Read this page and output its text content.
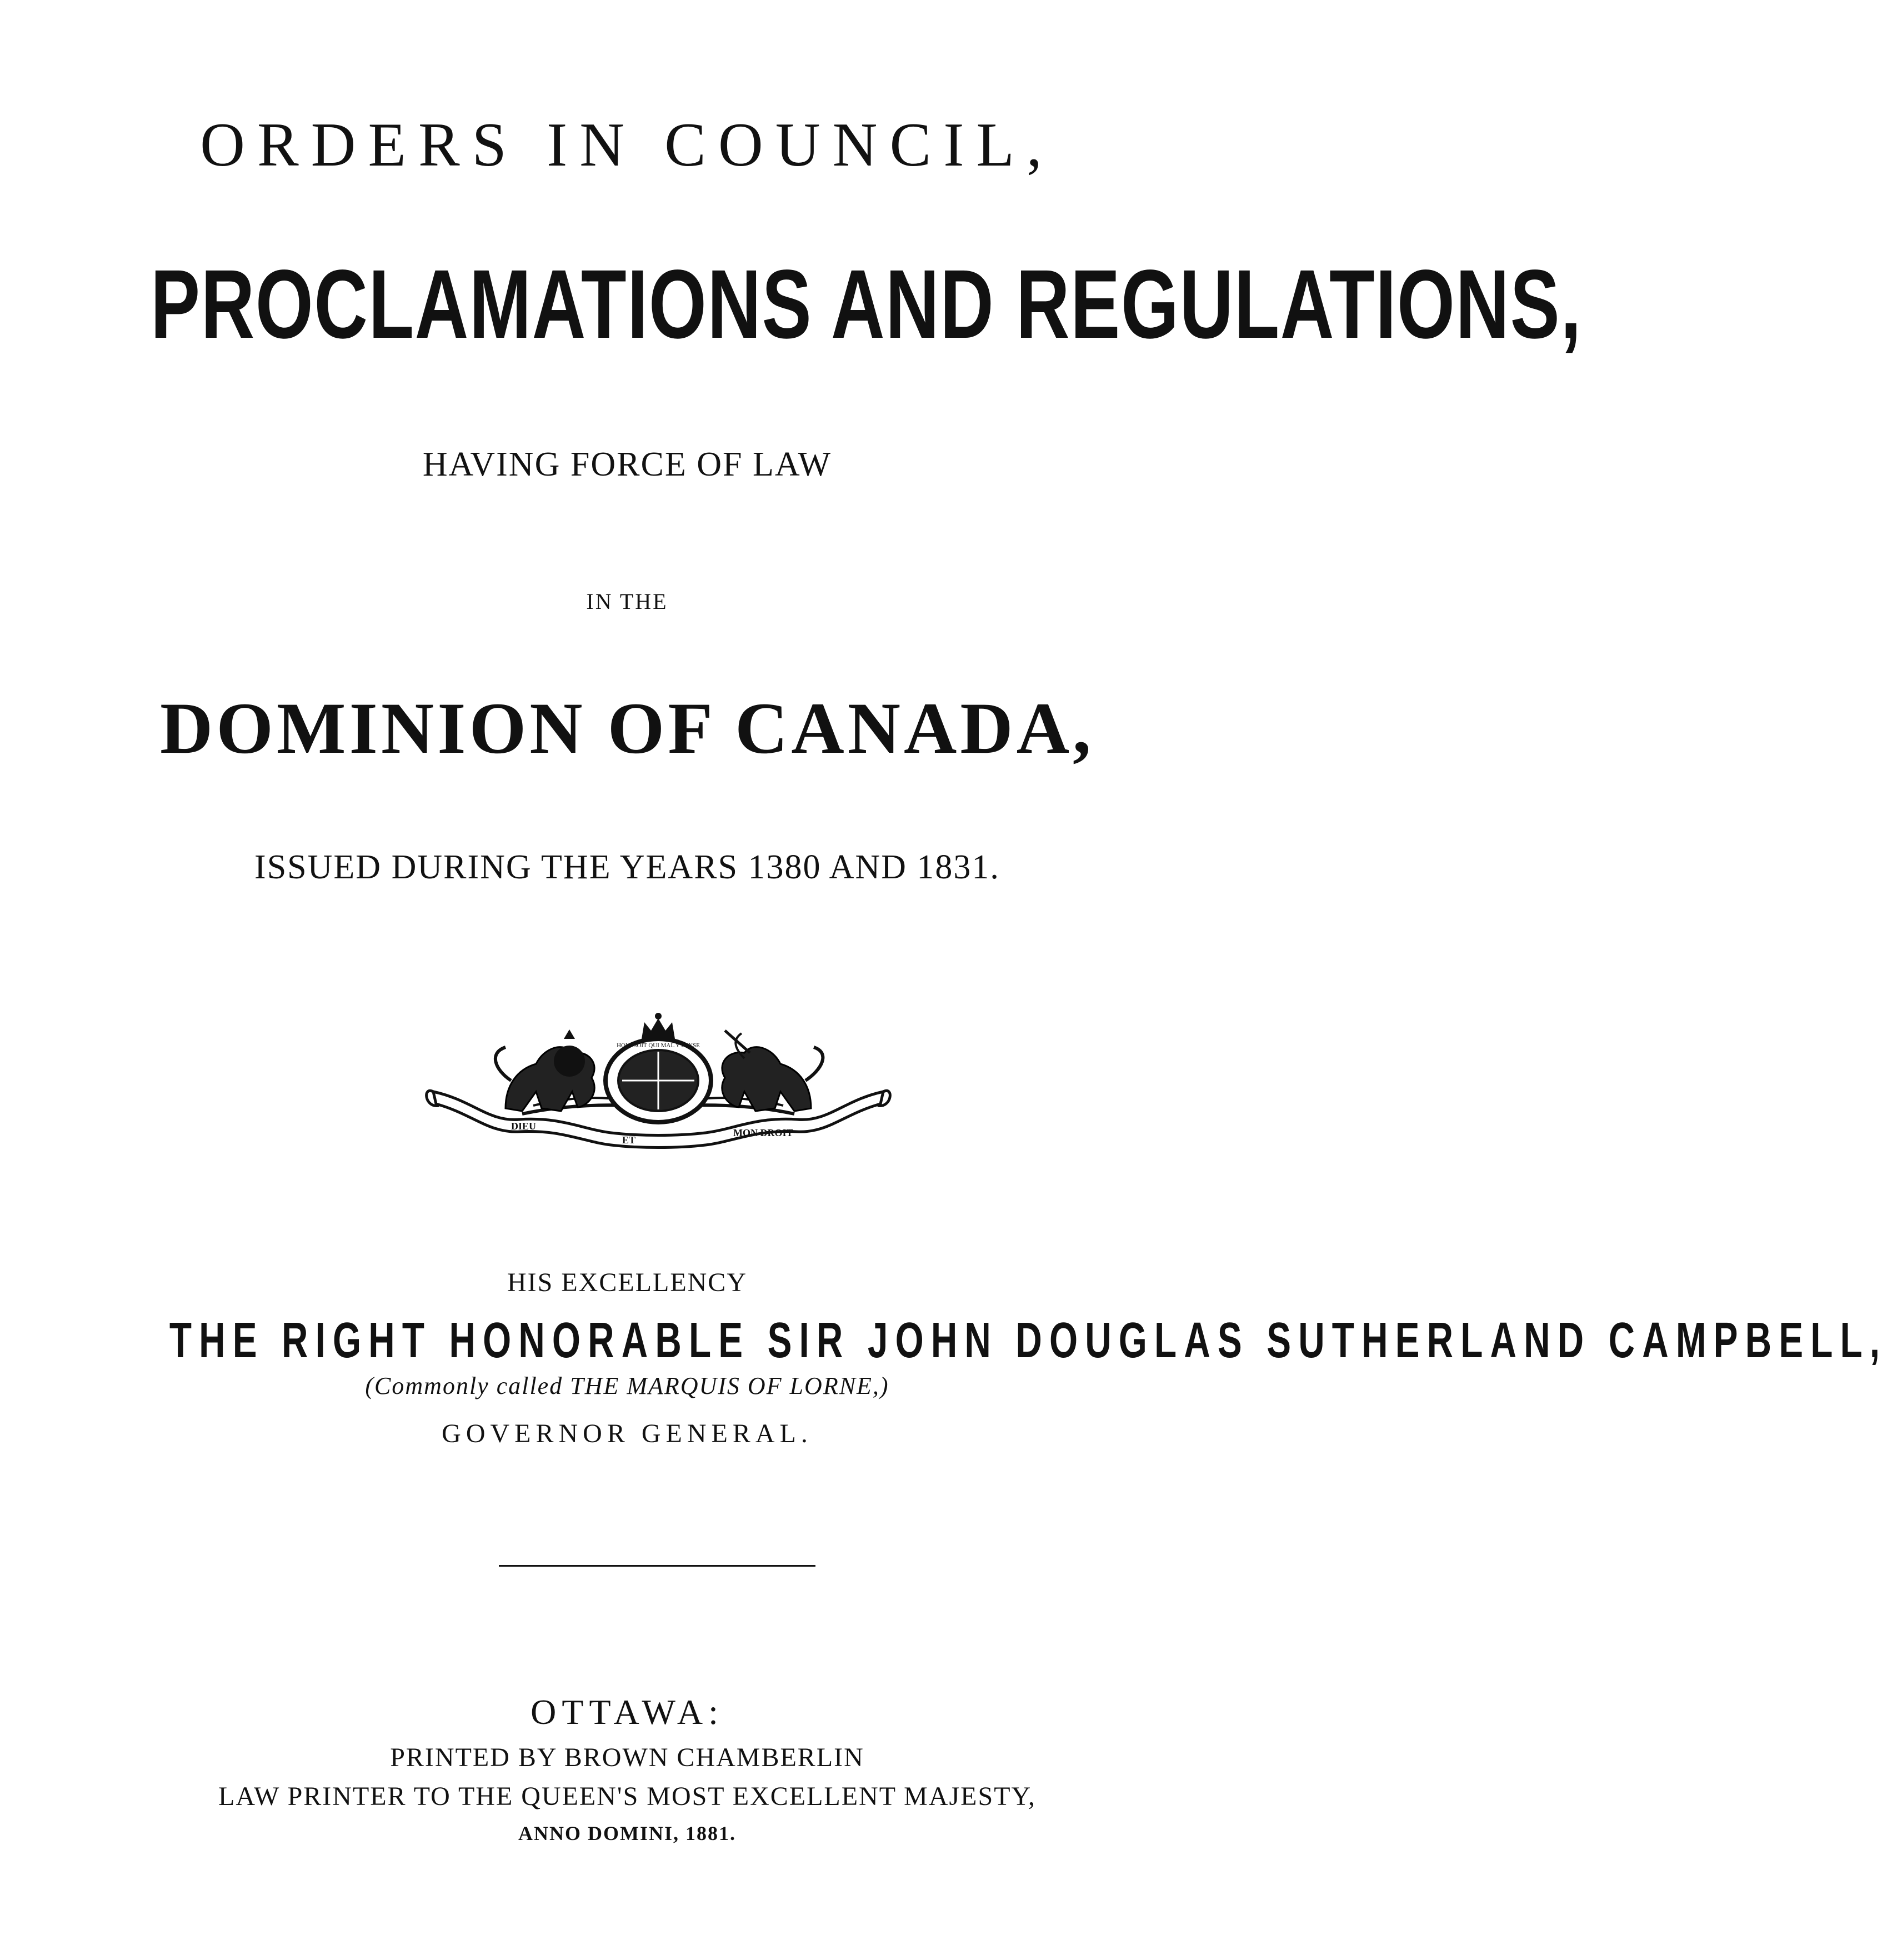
ORDERS IN COUNCIL,
PROCLAMATIONS AND REGULATIONS,
HAVING FORCE OF LAW
IN THE
DOMINION OF CANADA,
ISSUED DURING THE YEARS 1380 AND 1831.
DIEU
ET
MON DROIT
HONI SOIT QUI MAL Y PENSE
HIS EXCELLENCY
THE RIGHT HONORABLE SIR JOHN DOUGLAS SUTHERLAND CAMPBELL,
(Commonly called THE MARQUIS OF LORNE,)
GOVERNOR GENERAL.
OTTAWA:
PRINTED BY BROWN CHAMBERLIN
LAW PRINTER TO THE QUEEN'S MOST EXCELLENT MAJESTY,
ANNO DOMINI, 1881.
